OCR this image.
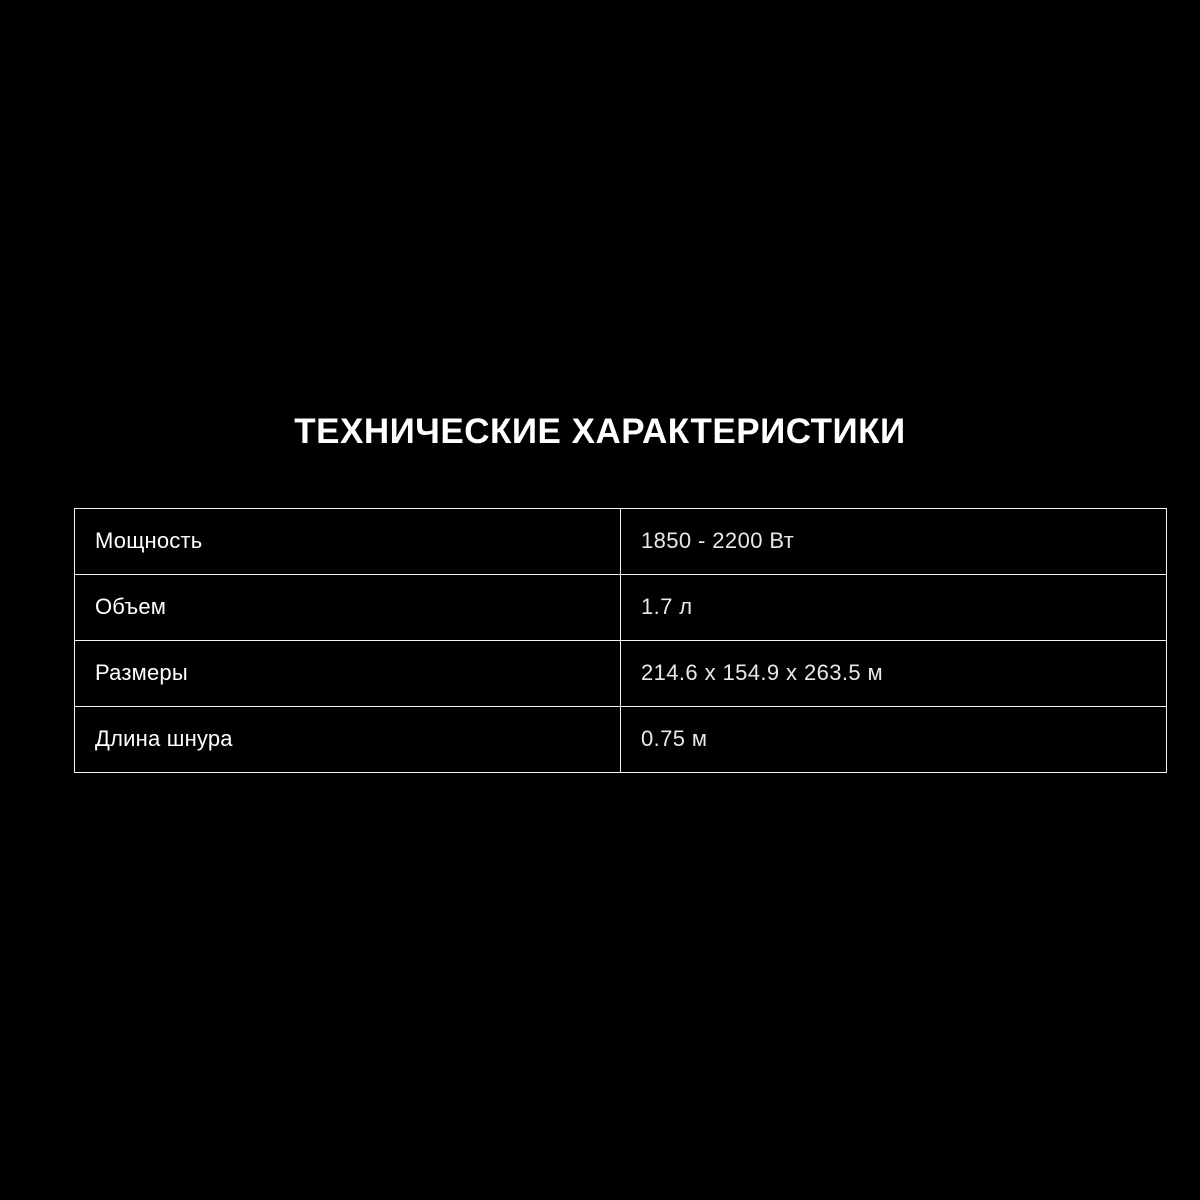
ТЕХНИЧЕСКИЕ ХАРАКТЕРИСТИКИ
Мощность	1850 - 2200 Вт
Объем	1.7 л
Размеры	214.6 х 154.9 х 263.5 м
Длина шнура	0.75 м
